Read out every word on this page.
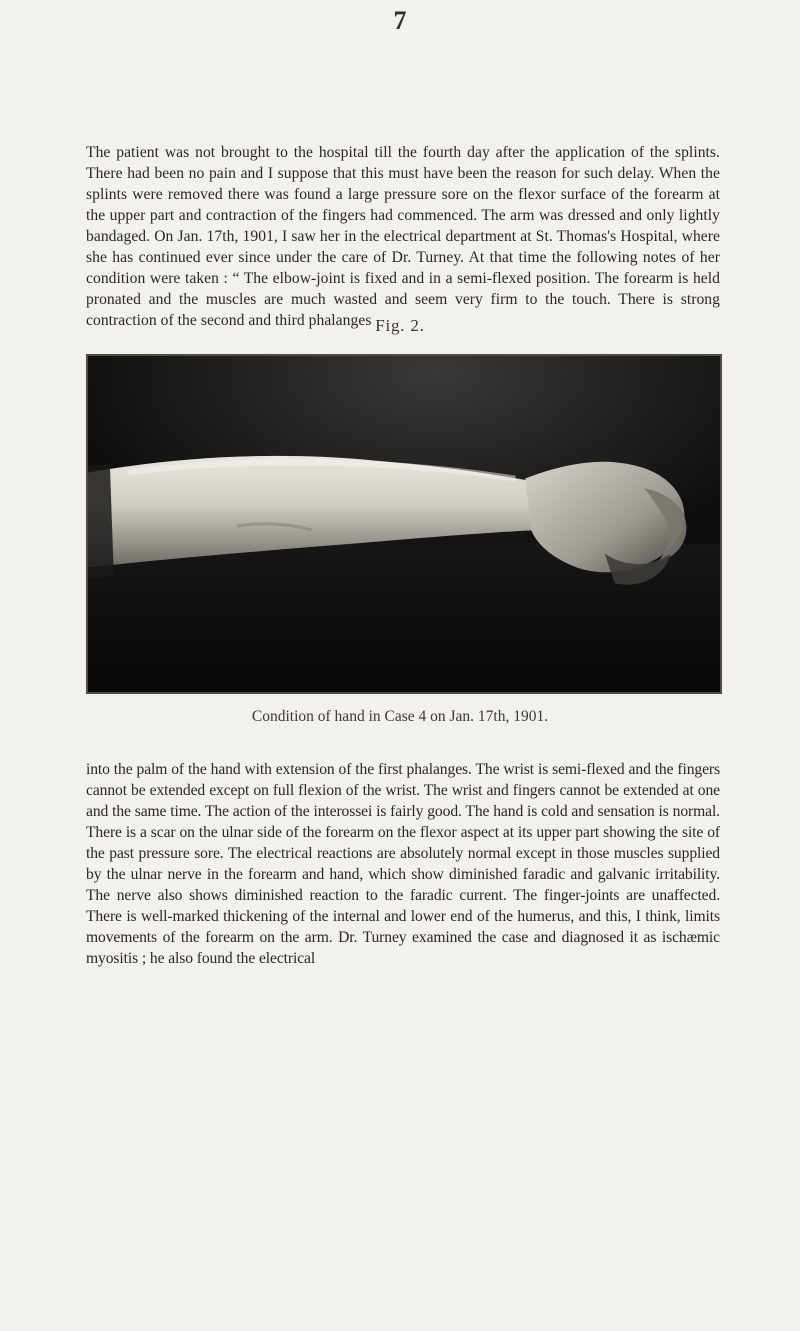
7

The patient was not brought to the hospital till the fourth day after the application of the splints. There had been no pain and I suppose that this must have been the reason for such delay. When the splints were removed there was found a large pressure sore on the flexor surface of the forearm at the upper part and contraction of the fingers had commenced. The arm was dressed and only lightly bandaged. On Jan. 17th, 1901, I saw her in the electrical department at St. Thomas's Hospital, where she has continued ever since under the care of Dr. Turney. At that time the following notes of her condition were taken : “ The elbow-joint is fixed and in a semi-flexed position. The forearm is held pronated and the muscles are much wasted and seem very firm to the touch. There is strong contraction of the second and third phalanges Fig. 2.
Condition of hand in Case 4 on Jan. 17th, 1901.

into the palm of the hand with extension of the first phalanges. The wrist is semi-flexed and the fingers cannot be extended except on full flexion of the wrist. The wrist and fingers cannot be extended at one and the same time. The action of the interossei is fairly good. The hand is cold and sensation is normal. There is a scar on the ulnar side of the forearm on the flexor aspect at its upper part showing the site of the past pressure sore. The electrical reactions are absolutely normal except in those muscles supplied by the ulnar nerve in the forearm and hand, which show diminished faradic and galvanic irritability. The nerve also shows diminished reaction to the faradic current. The finger-joints are unaffected. There is well-marked thickening of the internal and lower end of the humerus, and this, I think, limits movements of the forearm on the arm. Dr. Turney examined the case and diagnosed it as ischæmic myositis ; he also found the electrical
